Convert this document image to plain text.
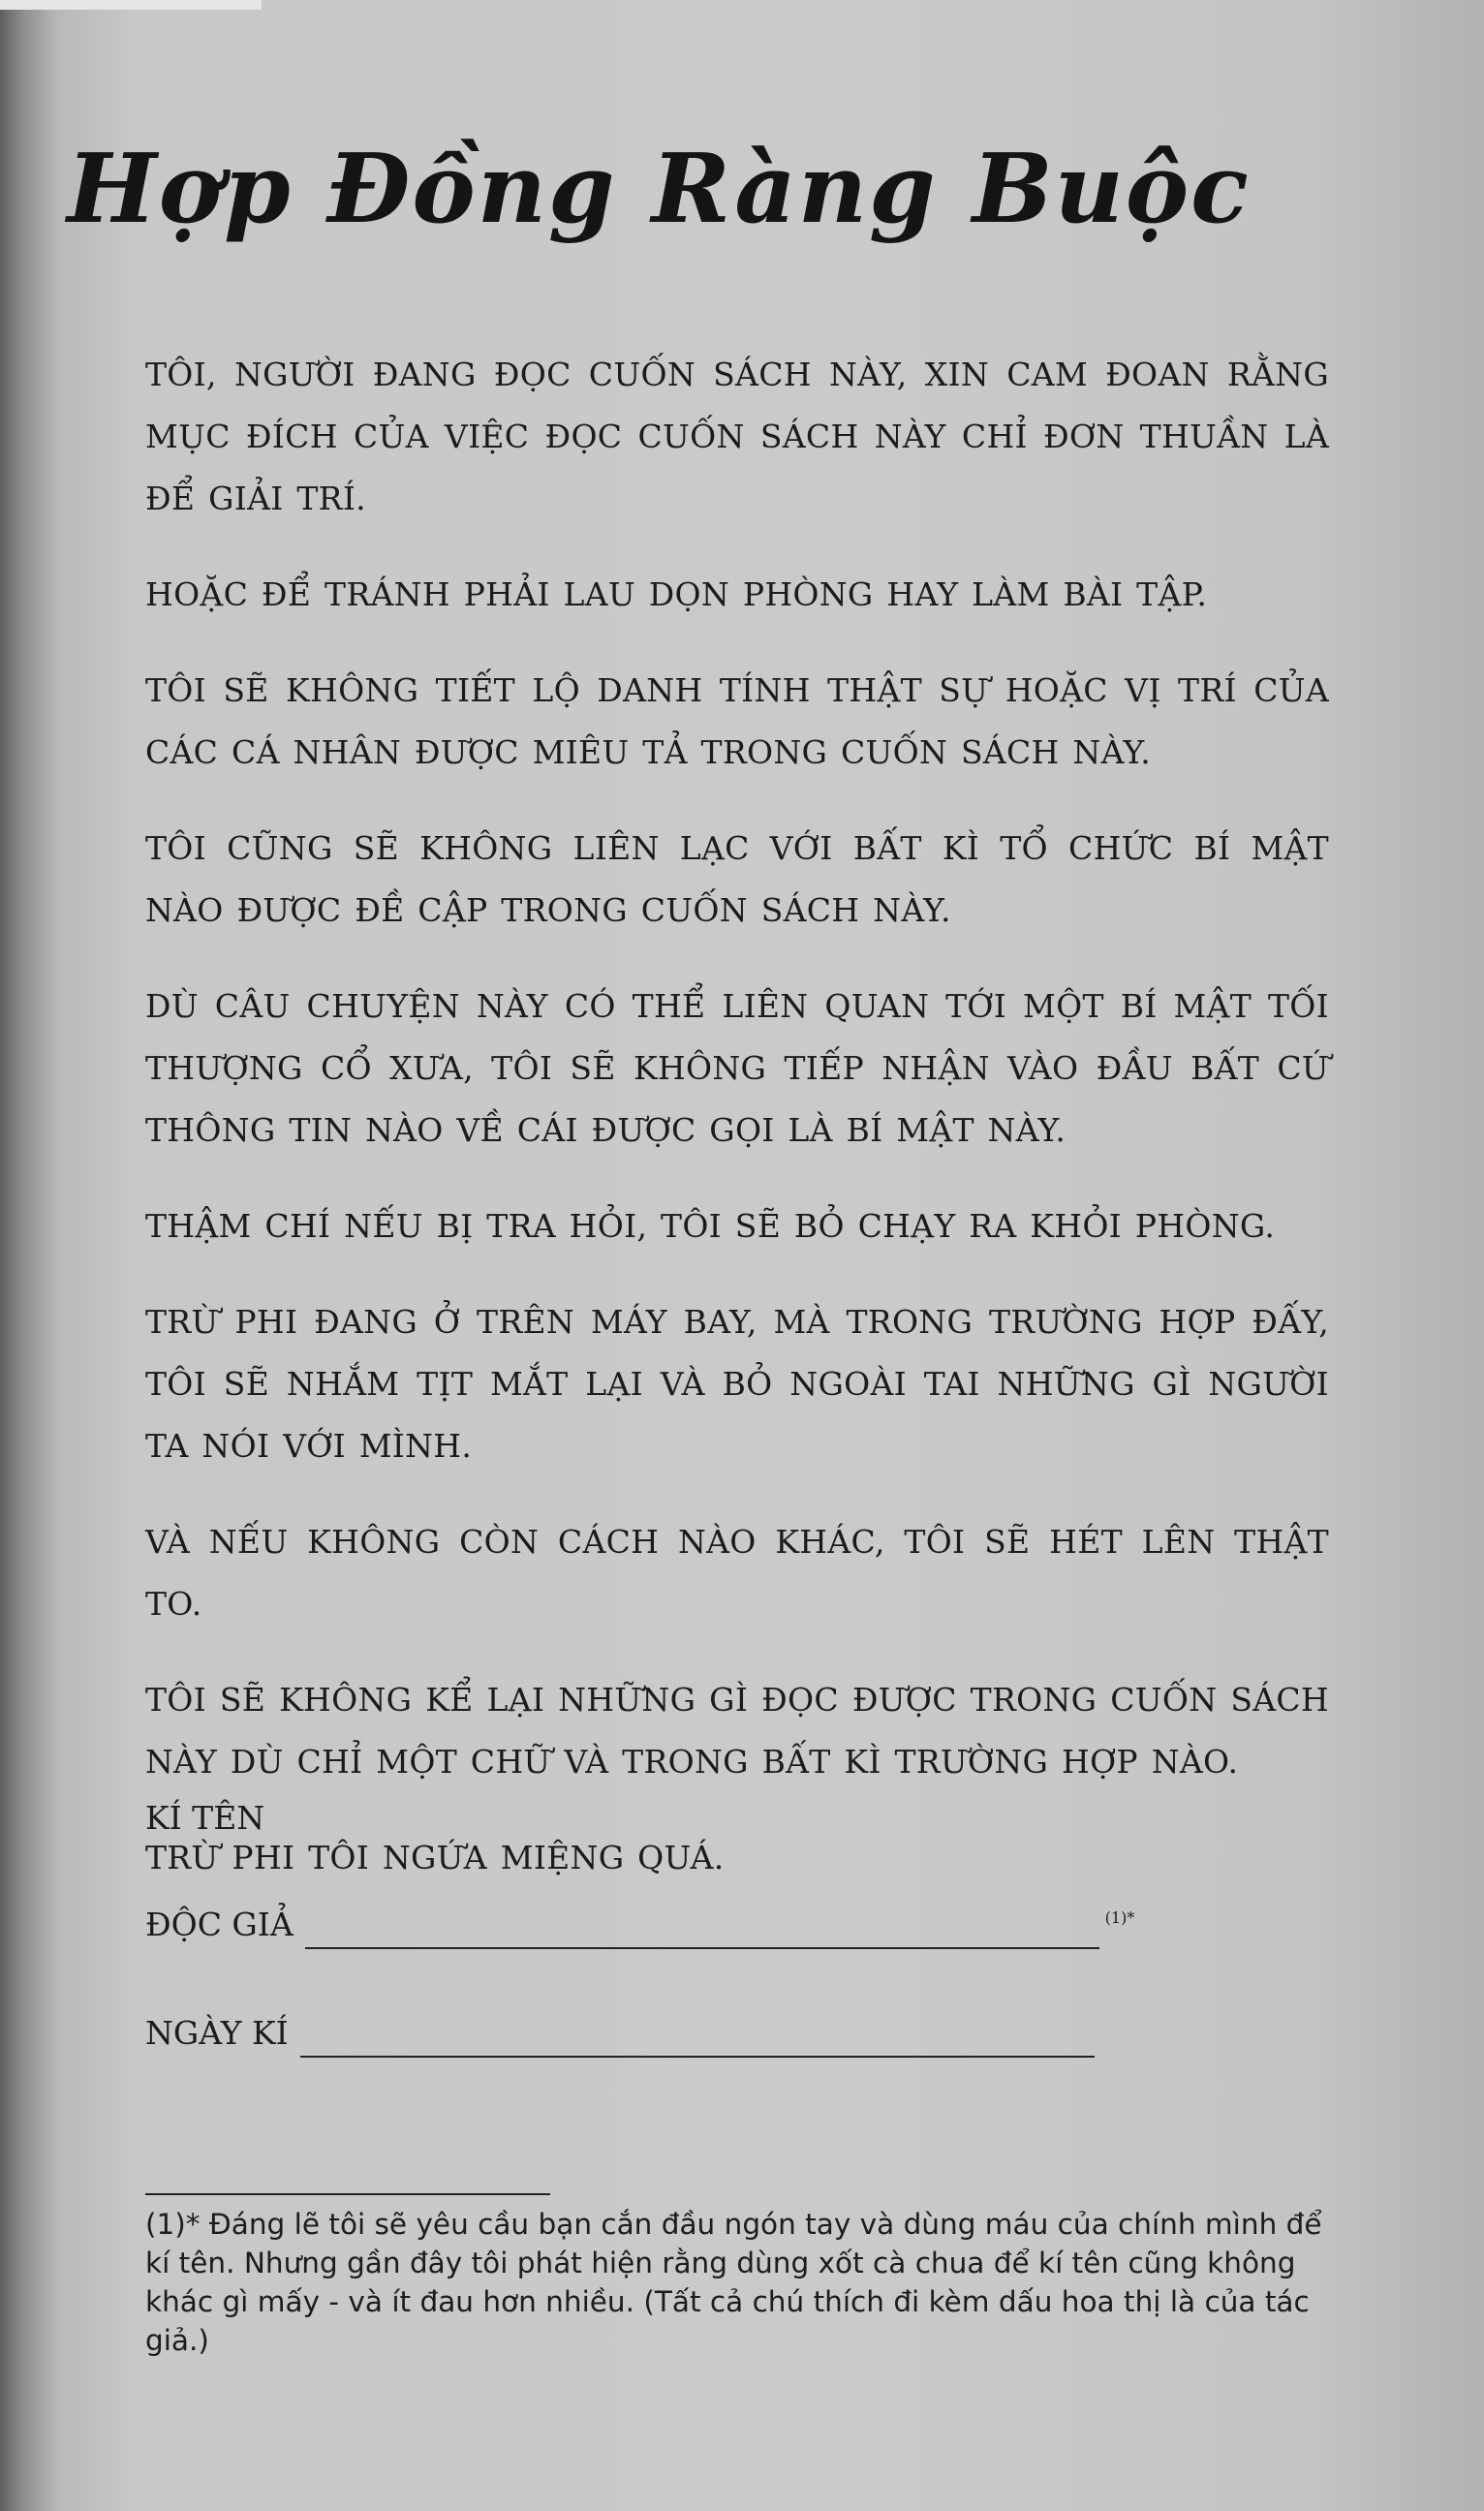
Hợp Đồng Ràng Buộc

TÔI, NGƯỜI ĐANG ĐỌC CUỐN SÁCH NÀY, XIN CAM ĐOAN RẰNG MỤC ĐÍCH CỦA VIỆC ĐỌC CUỐN SÁCH NÀY CHỈ ĐƠN THUẦN LÀ ĐỂ GIẢI TRÍ.

HOẶC ĐỂ TRÁNH PHẢI LAU DỌN PHÒNG HAY LÀM BÀI TẬP.

TÔI SẼ KHÔNG TIẾT LỘ DANH TÍNH THẬT SỰ HOẶC VỊ TRÍ CỦA CÁC CÁ NHÂN ĐƯỢC MIÊU TẢ TRONG CUỐN SÁCH NÀY.

TÔI CŨNG SẼ KHÔNG LIÊN LẠC VỚI BẤT KÌ TỔ CHỨC BÍ MẬT NÀO ĐƯỢC ĐỀ CẬP TRONG CUỐN SÁCH NÀY.

DÙ CÂU CHUYỆN NÀY CÓ THỂ LIÊN QUAN TỚI MỘT BÍ MẬT TỐI THƯỢNG CỔ XƯA, TÔI SẼ KHÔNG TIẾP NHẬN VÀO ĐẦU BẤT CỨ THÔNG TIN NÀO VỀ CÁI ĐƯỢC GỌI LÀ BÍ MẬT NÀY.

THẬM CHÍ NẾU BỊ TRA HỎI, TÔI SẼ BỎ CHẠY RA KHỎI PHÒNG.

TRỪ PHI ĐANG Ở TRÊN MÁY BAY, MÀ TRONG TRƯỜNG HỢP ĐẤY, TÔI SẼ NHẮM TỊT MẮT LẠI VÀ BỎ NGOÀI TAI NHỮNG GÌ NGƯỜI TA NÓI VỚI MÌNH.

VÀ NẾU KHÔNG CÒN CÁCH NÀO KHÁC, TÔI SẼ HÉT LÊN THẬT TO.

TÔI SẼ KHÔNG KỂ LẠI NHỮNG GÌ ĐỌC ĐƯỢC TRONG CUỐN SÁCH NÀY DÙ CHỈ MỘT CHỮ VÀ TRONG BẤT KÌ TRƯỜNG HỢP NÀO.

TRỪ PHI TÔI NGỨA MIỆNG QUÁ.

KÍ TÊN
ĐỘC GIẢ	(1)*
NGÀY KÍ

(1)* Đáng lẽ tôi sẽ yêu cầu bạn cắn đầu ngón tay và dùng máu của chính mình để kí tên. Nhưng gần đây tôi phát hiện rằng dùng xốt cà chua để kí tên cũng không khác gì mấy - và ít đau hơn nhiều. (Tất cả chú thích đi kèm dấu hoa thị là của tác giả.)
